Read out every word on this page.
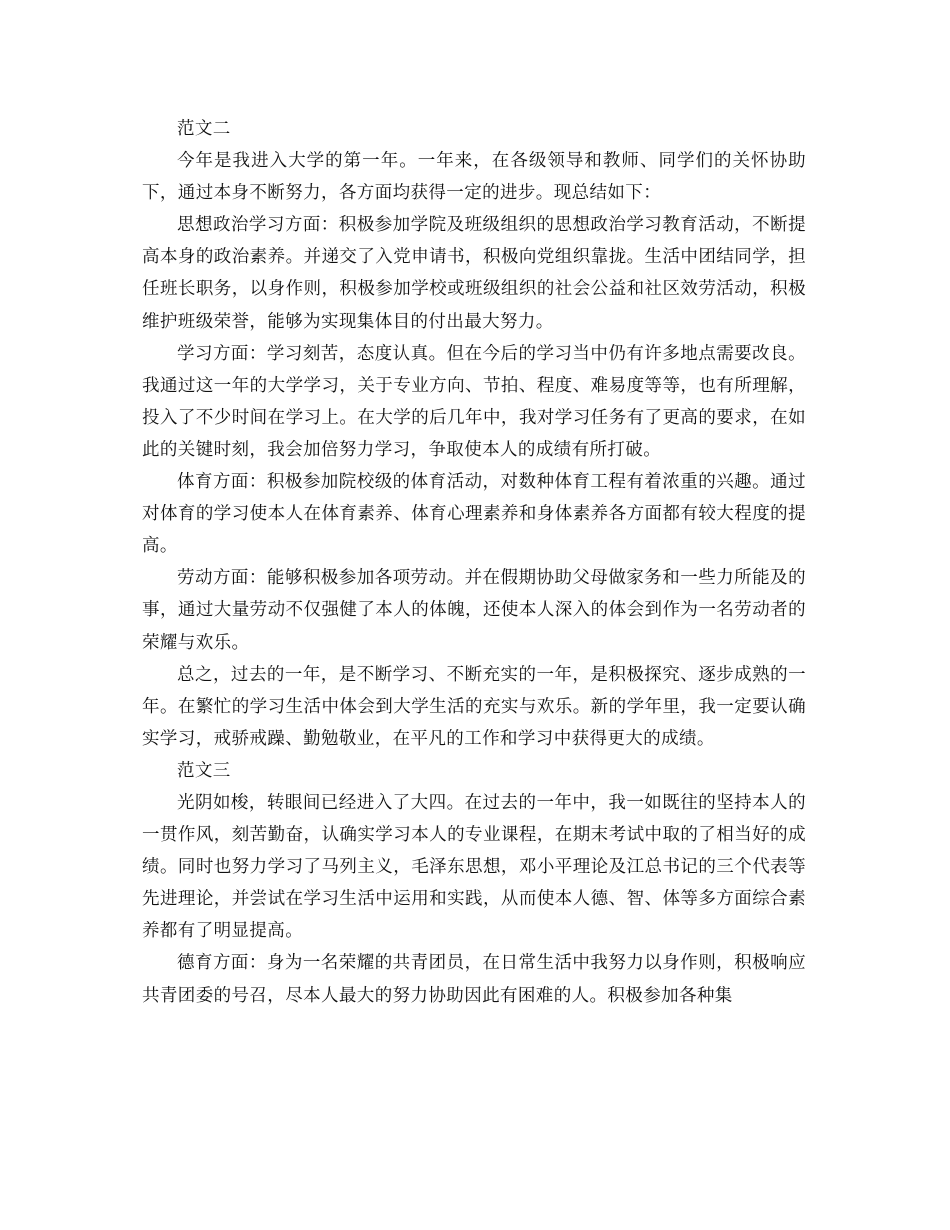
范文二

今年是我进入大学的第一年。一年来，在各级领导和教师、同学们的关怀协助下，通过本身不断努力，各方面均获得一定的进步。现总结如下：

思想政治学习方面：积极参加学院及班级组织的思想政治学习教育活动，不断提高本身的政治素养。并递交了入党申请书，积极向党组织靠拢。生活中团结同学，担任班长职务，以身作则，积极参加学校或班级组织的社会公益和社区效劳活动，积极维护班级荣誉，能够为实现集体目的付出最大努力。

学习方面：学习刻苦，态度认真。但在今后的学习当中仍有许多地点需要改良。我通过这一年的大学学习，关于专业方向、节拍、程度、难易度等等，也有所理解，投入了不少时间在学习上。在大学的后几年中，我对学习任务有了更高的要求，在如此的关键时刻，我会加倍努力学习，争取使本人的成绩有所打破。

体育方面：积极参加院校级的体育活动，对数种体育工程有着浓重的兴趣。通过对体育的学习使本人在体育素养、体育心理素养和身体素养各方面都有较大程度的提高。

劳动方面：能够积极参加各项劳动。并在假期协助父母做家务和一些力所能及的事，通过大量劳动不仅强健了本人的体魄，还使本人深入的体会到作为一名劳动者的荣耀与欢乐。

总之，过去的一年，是不断学习、不断充实的一年，是积极探究、逐步成熟的一年。在繁忙的学习生活中体会到大学生活的充实与欢乐。新的学年里，我一定要认确实学习，戒骄戒躁、勤勉敬业，在平凡的工作和学习中获得更大的成绩。

范文三

光阴如梭，转眼间已经进入了大四。在过去的一年中，我一如既往的坚持本人的一贯作风，刻苦勤奋，认确实学习本人的专业课程，在期末考试中取的了相当好的成绩。同时也努力学习了马列主义，毛泽东思想，邓小平理论及江总书记的三个代表等先进理论，并尝试在学习生活中运用和实践，从而使本人德、智、体等多方面综合素养都有了明显提高。

德育方面：身为一名荣耀的共青团员，在日常生活中我努力以身作则，积极响应共青团委的号召，尽本人最大的努力协助因此有困难的人。积极参加各种集
